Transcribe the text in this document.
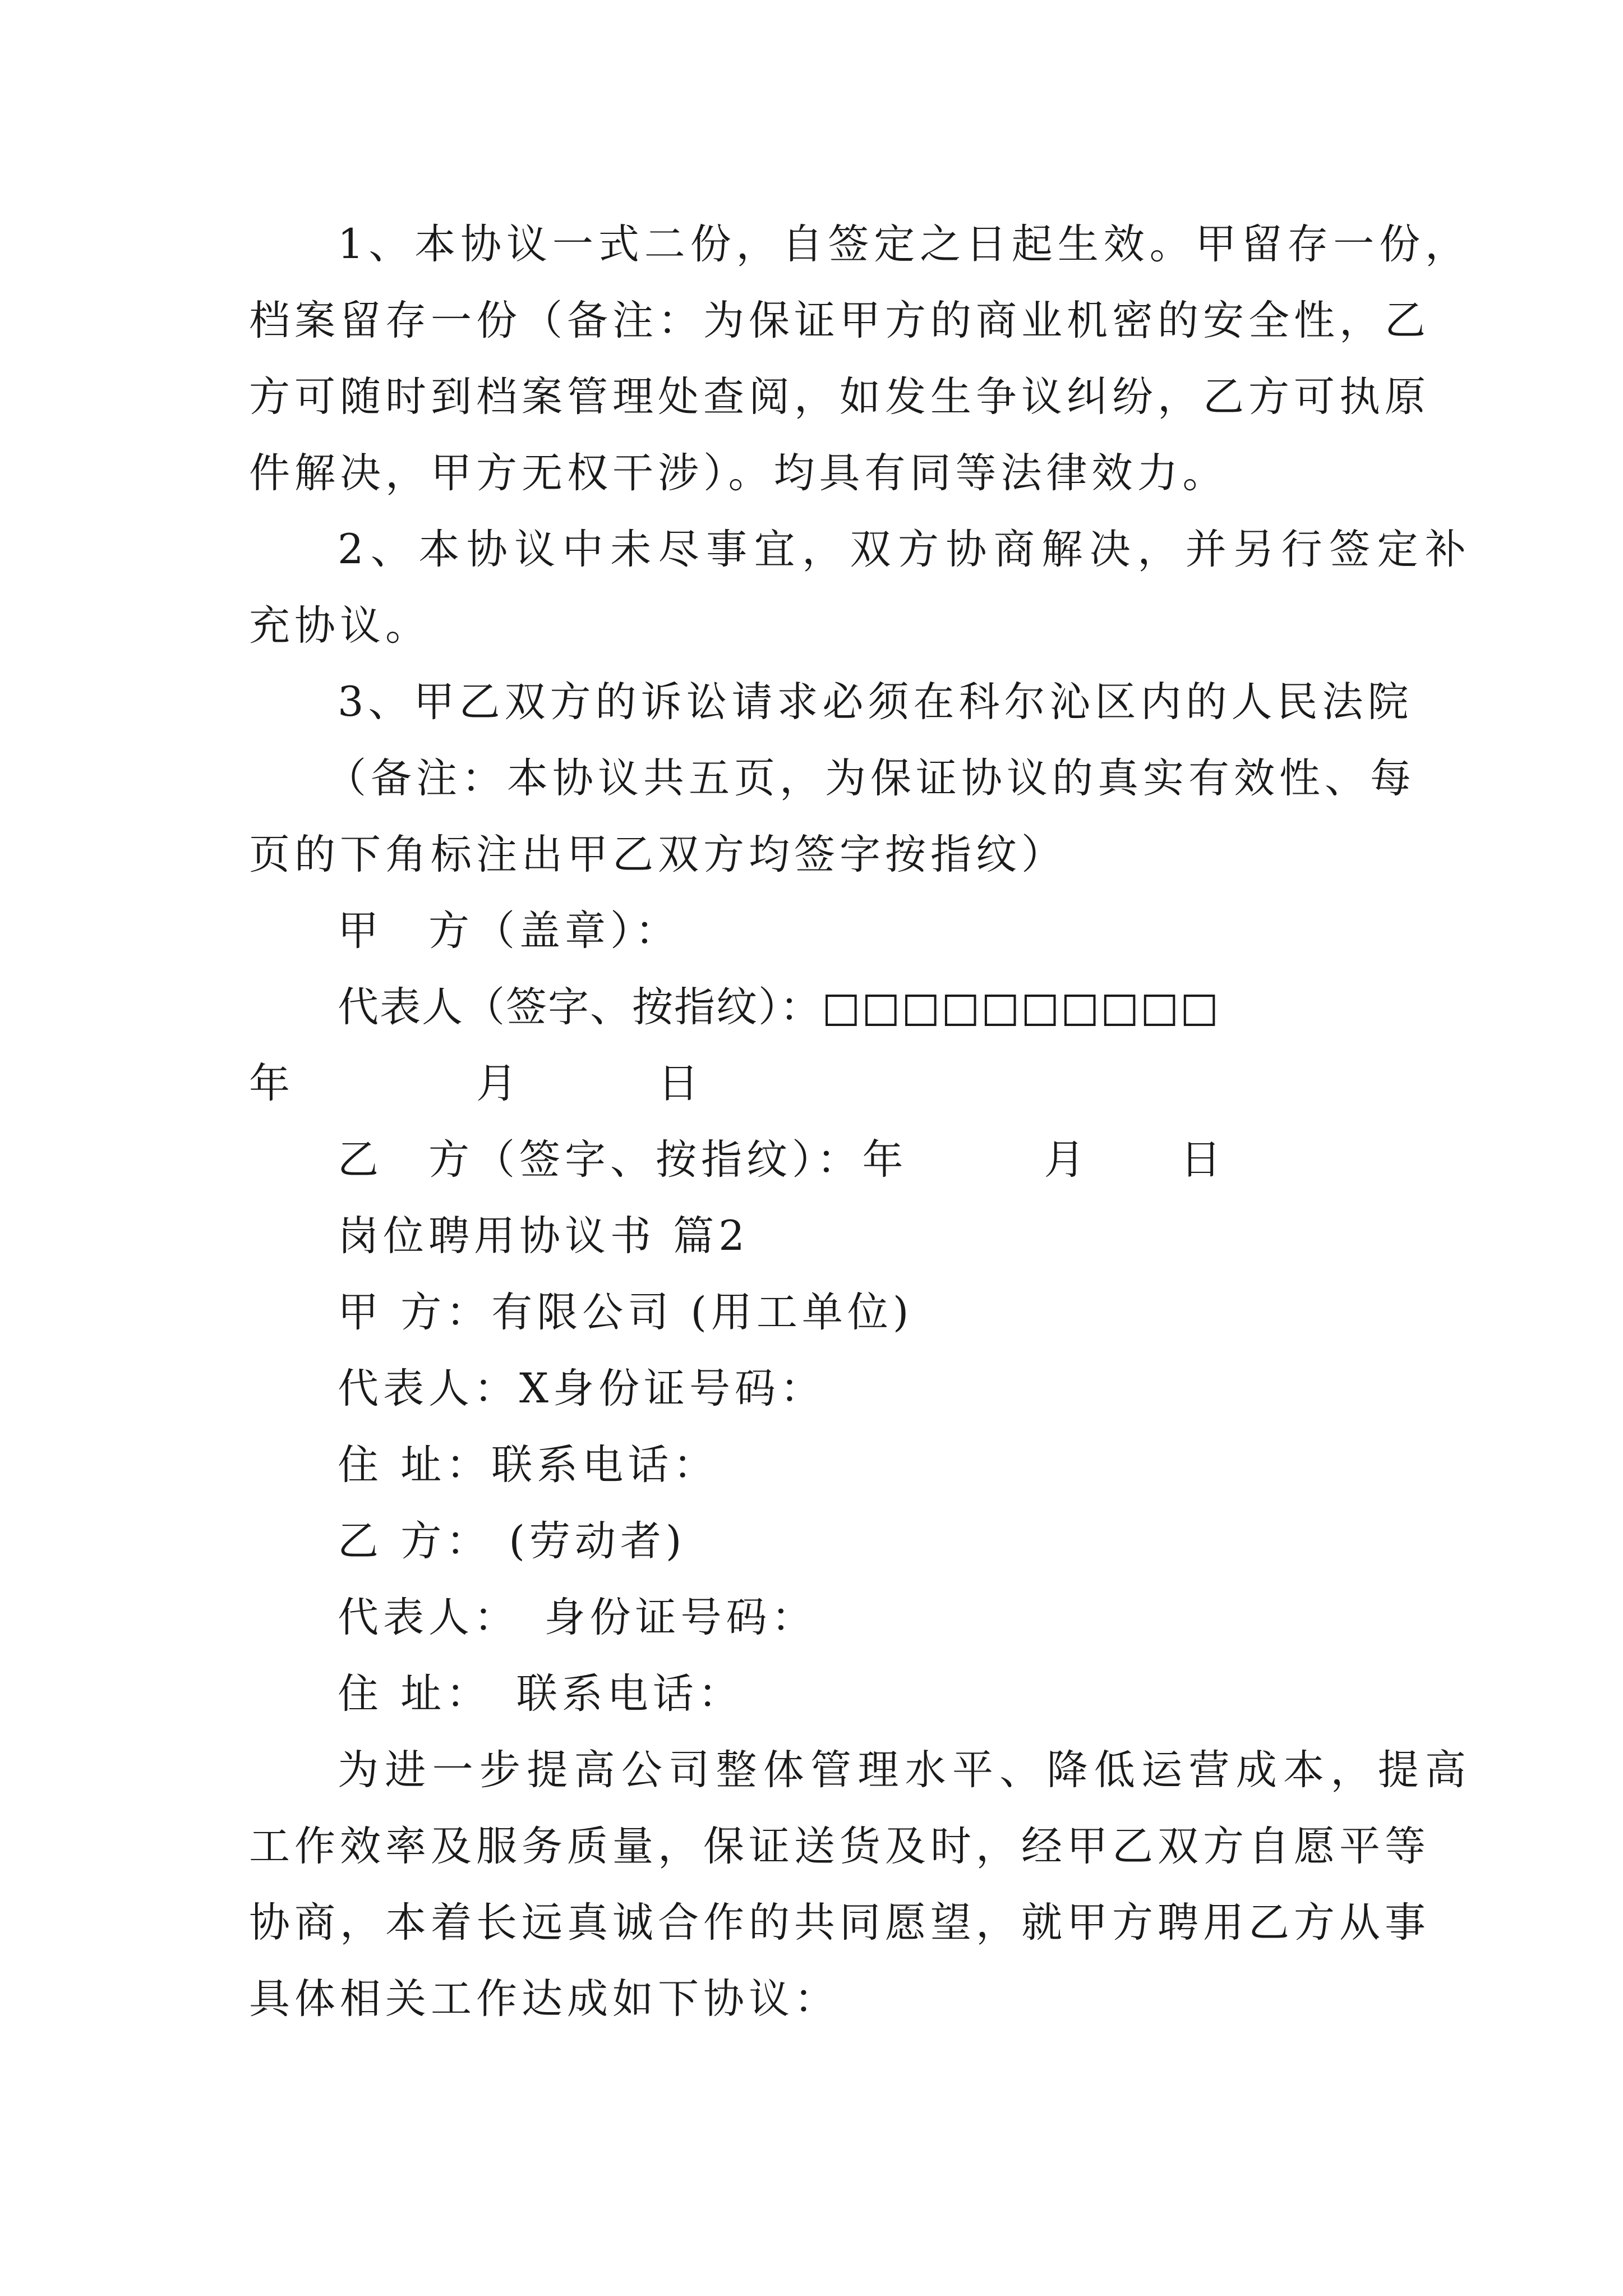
1、本协议一式二份，自签定之日起生效。甲留存一份，
档案留存一份（备注：为保证甲方的商业机密的安全性，乙
方可随时到档案管理处查阅，如发生争议纠纷，乙方可执原
件解决，甲方无权干涉）。均具有同等法律效力。
2、本协议中未尽事宜，双方协商解决，并另行签定补
充协议。
3、甲乙双方的诉讼请求必须在科尔沁区内的人民法院
（备注：本协议共五页，为保证协议的真实有效性、每
页的下角标注出甲乙双方均签字按指纹）
甲　方（盖章）：
代表人（签字、按指纹）：□□□□□□□□□□
年　　　　月　　　日
乙　方（签字、按指纹）：年　　　月　　日
岗位聘用协议书 篇2
甲 方：有限公司 (用工单位)
代表人：X身份证号码：
住 址：联系电话：
乙 方： (劳动者)
代表人：　身份证号码：
住 址：　联系电话：
为进一步提高公司整体管理水平、降低运营成本，提高
工作效率及服务质量，保证送货及时，经甲乙双方自愿平等
协商，本着长远真诚合作的共同愿望，就甲方聘用乙方从事
具体相关工作达成如下协议：
